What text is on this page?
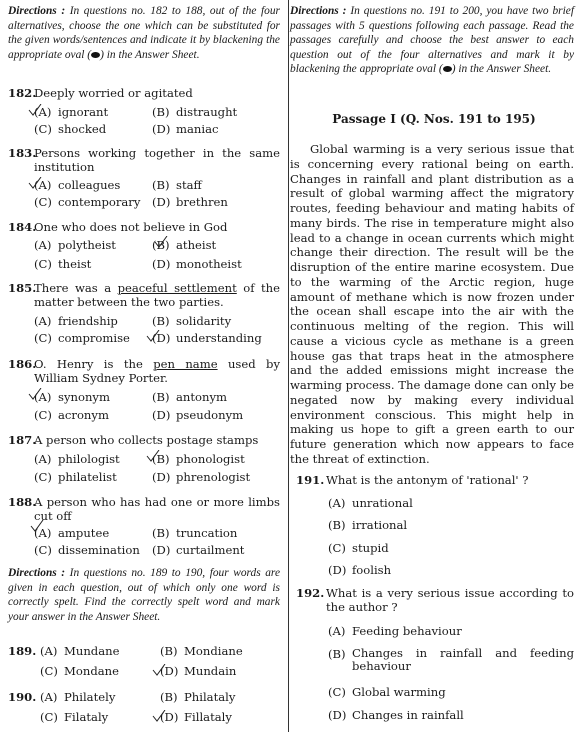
Directions : In questions no. 182 to 188, out of the four alternatives, choose the one which can be substituted for the given words/sentences and indicate it by blackening the appropriate oval ( ) in the Answer Sheet.
182.
Deeply worried or agitated
(A) ignorant	(B) distraught
(C) shocked	(D) maniac
183.
Persons working together in the same institution
(A) colleagues	(B) staff
(C) contemporary (D) brethren
184.
One who does not believe in God
(A) polytheist	(B) atheist
(C) theist	(D) monotheist
185.
There was a peaceful settlement of the matter between the two parties.
(A) friendship	(B) solidarity
(C) compromise (D) understanding
186.
O. Henry is the pen name used by William Sydney Porter.
(A) synonym	(B) antonym
(C) acronym	(D) pseudonym
187.
A person who collects postage stamps
(A) philologist	(B) phonologist
(C) philatelist	(D) phrenologist
188.
A person who has had one or more limbs cut off
(A) amputee	(B) truncation
(C) dissemination (D) curtailment
Directions : In questions no. 189 to 190, four words are given in each question, out of which only one word is correctly spelt. Find the correctly spelt word and mark your answer in the Answer Sheet.
189. (A) Mundane	(B) Mondiane
(C) Mondane	(D) Mundain
190. (A) Philately	(B) Philataly
(C) Filataly	(D) Fillataly
Directions : In questions no. 191 to 200, you have two brief passages with 5 questions following each passage. Read the passages carefully and choose the best answer to each question out of the four alternatives and mark it by blackening the appropriate oval ( ) in the Answer Sheet.
Passage I (Q. Nos. 191 to 195)
Global warming is a very serious issue that is concerning every rational being on earth. Changes in rainfall and plant distribution as a result of global warming affect the migratory routes, feeding behaviour and mating habits of many birds. The rise in temperature might also lead to a change in ocean currents which might change their direction. The result will be the disruption of the entire marine ecosystem. Due to the warming of the Arctic region, huge amount of methane which is now frozen under the ocean shall escape into the air with the continuous melting of the region. This will cause a vicious cycle as methane is a green house gas that traps heat in the atmosphere and the added emissions might increase the warming process. The damage done can only be negated now by making every individual environment conscious. This might help in making us hope to gift a green earth to our future generation which now appears to face the threat of extinction.
191. What is the antonym of 'rational' ?
(A) unrational
(B) irrational
(C) stupid
(D) foolish
192. What is a very serious issue according to the author ?
(A) Feeding behaviour
(B) Changes in rainfall and feeding behaviour
(C) Global warming
(D) Changes in rainfall
